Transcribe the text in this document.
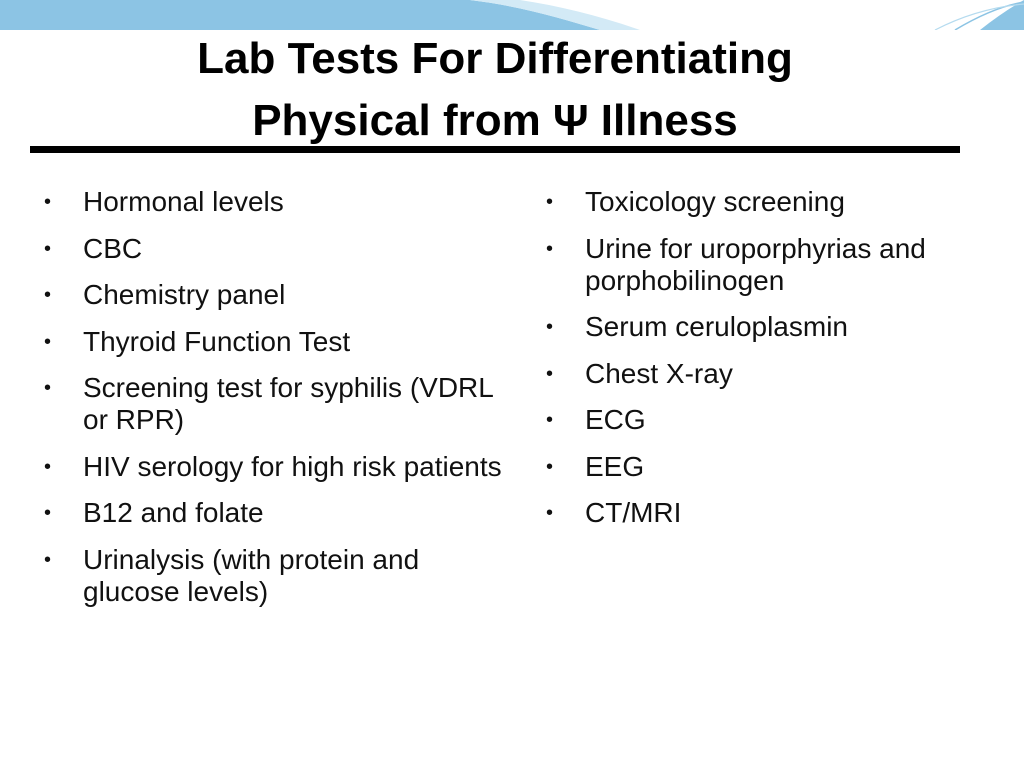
Lab Tests For Differentiating
Physical from Ψ Illness
• Hormonal levels
• CBC
• Chemistry panel
• Thyroid Function Test
• Screening test for syphilis (VDRL or RPR)
• HIV serology for high risk patients
• B12 and folate
• Urinalysis (with protein and glucose levels)
• Toxicology screening
• Urine for uroporphyrias and porphobilinogen
• Serum ceruloplasmin
• Chest X-ray
• ECG
• EEG
• CT/MRI
